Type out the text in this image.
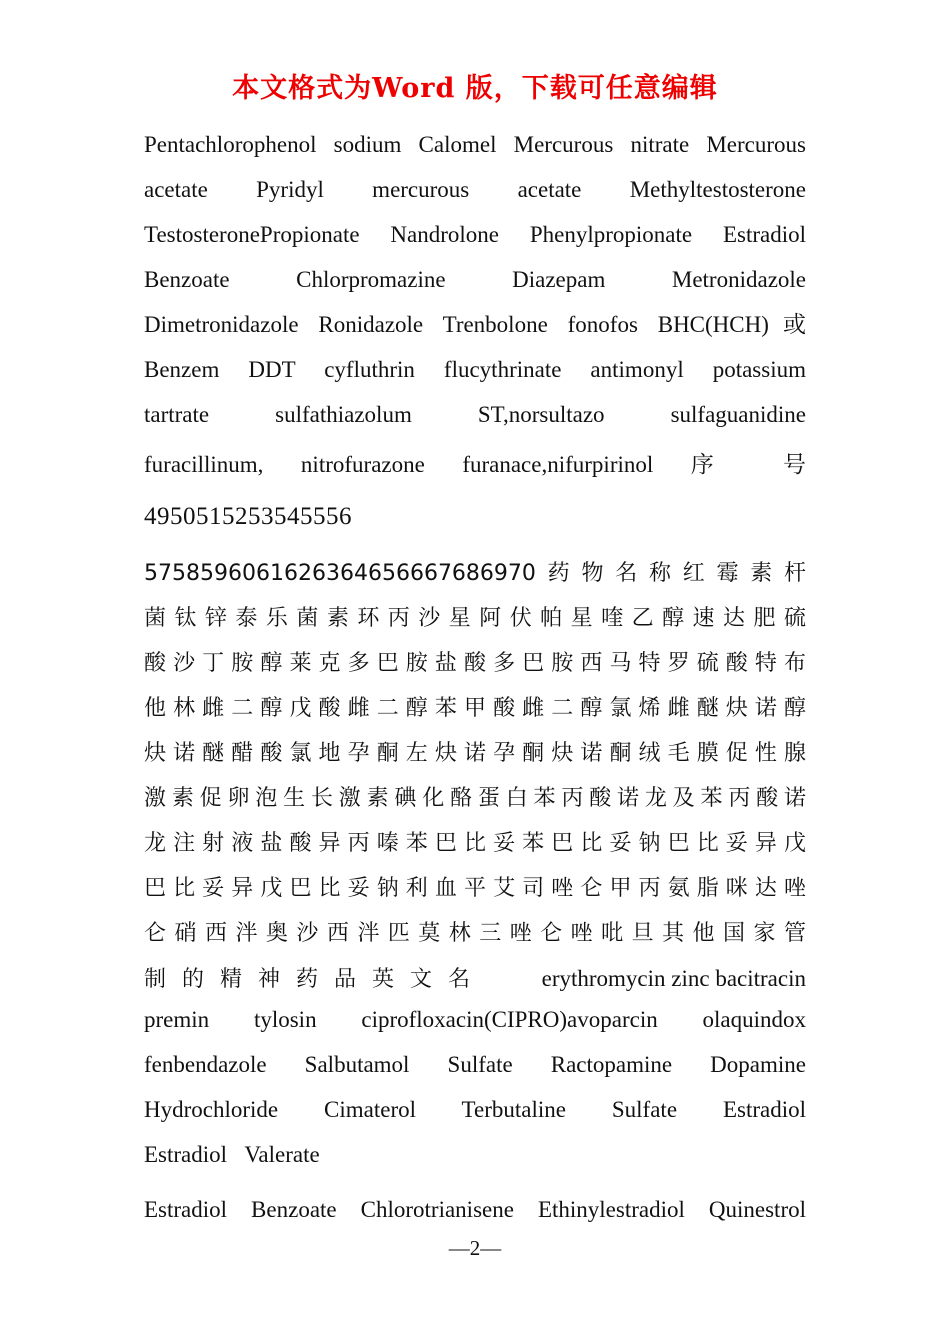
本文格式为Word 版，下载可任意编辑
Pentachlorophenol sodium Calomel Mercurous nitrate Mercurous
acetate Pyridyl mercurous acetate Methyltestosterone
TestosteronePropionate Nandrolone Phenylpropionate Estradiol
Benzoate Chlorpromazine Diazepam Metronidazole
Dimetronidazole Ronidazole Trenbolone fonofos BHC(HCH)或
Benzem DDT cyfluthrin flucythrinate antimonyl potassium
tartrate sulfathiazolum ST,norsultazo sulfaguanidine
furacillinum, nitrofurazone furanace,nifurpirinol 序 号
4950515253545556
5758596061626364656667686970药物名称红霉素杆
菌钛锌泰乐菌素环丙沙星阿伏帕星喹乙醇速达肥硫
酸沙丁胺醇莱克多巴胺盐酸多巴胺西马特罗硫酸特布
他林雌二醇戊酸雌二醇苯甲酸雌二醇氯烯雌醚炔诺醇
炔诺醚醋酸氯地孕酮左炔诺孕酮炔诺酮绒毛膜促性腺
激素促卵泡生长激素碘化酪蛋白苯丙酸诺龙及苯丙酸诺
龙注射液盐酸异丙嗪苯巴比妥苯巴比妥钠巴比妥异戊
巴比妥异戊巴比妥钠利血平艾司唑仑甲丙氨脂咪达唑
仑硝西泮奥沙西泮匹莫林三唑仑唑吡旦其他国家管
制的精神药品英文名 erythromycin zinc bacitracin
premin tylosin ciprofloxacin(CIPRO)avoparcin olaquindox
fenbendazole Salbutamol Sulfate Ractopamine Dopamine
Hydrochloride Cimaterol Terbutaline Sulfate Estradiol
Estradiol Valerate
Estradiol Benzoate Chlorotrianisene Ethinylestradiol Quinestrol
—2—
